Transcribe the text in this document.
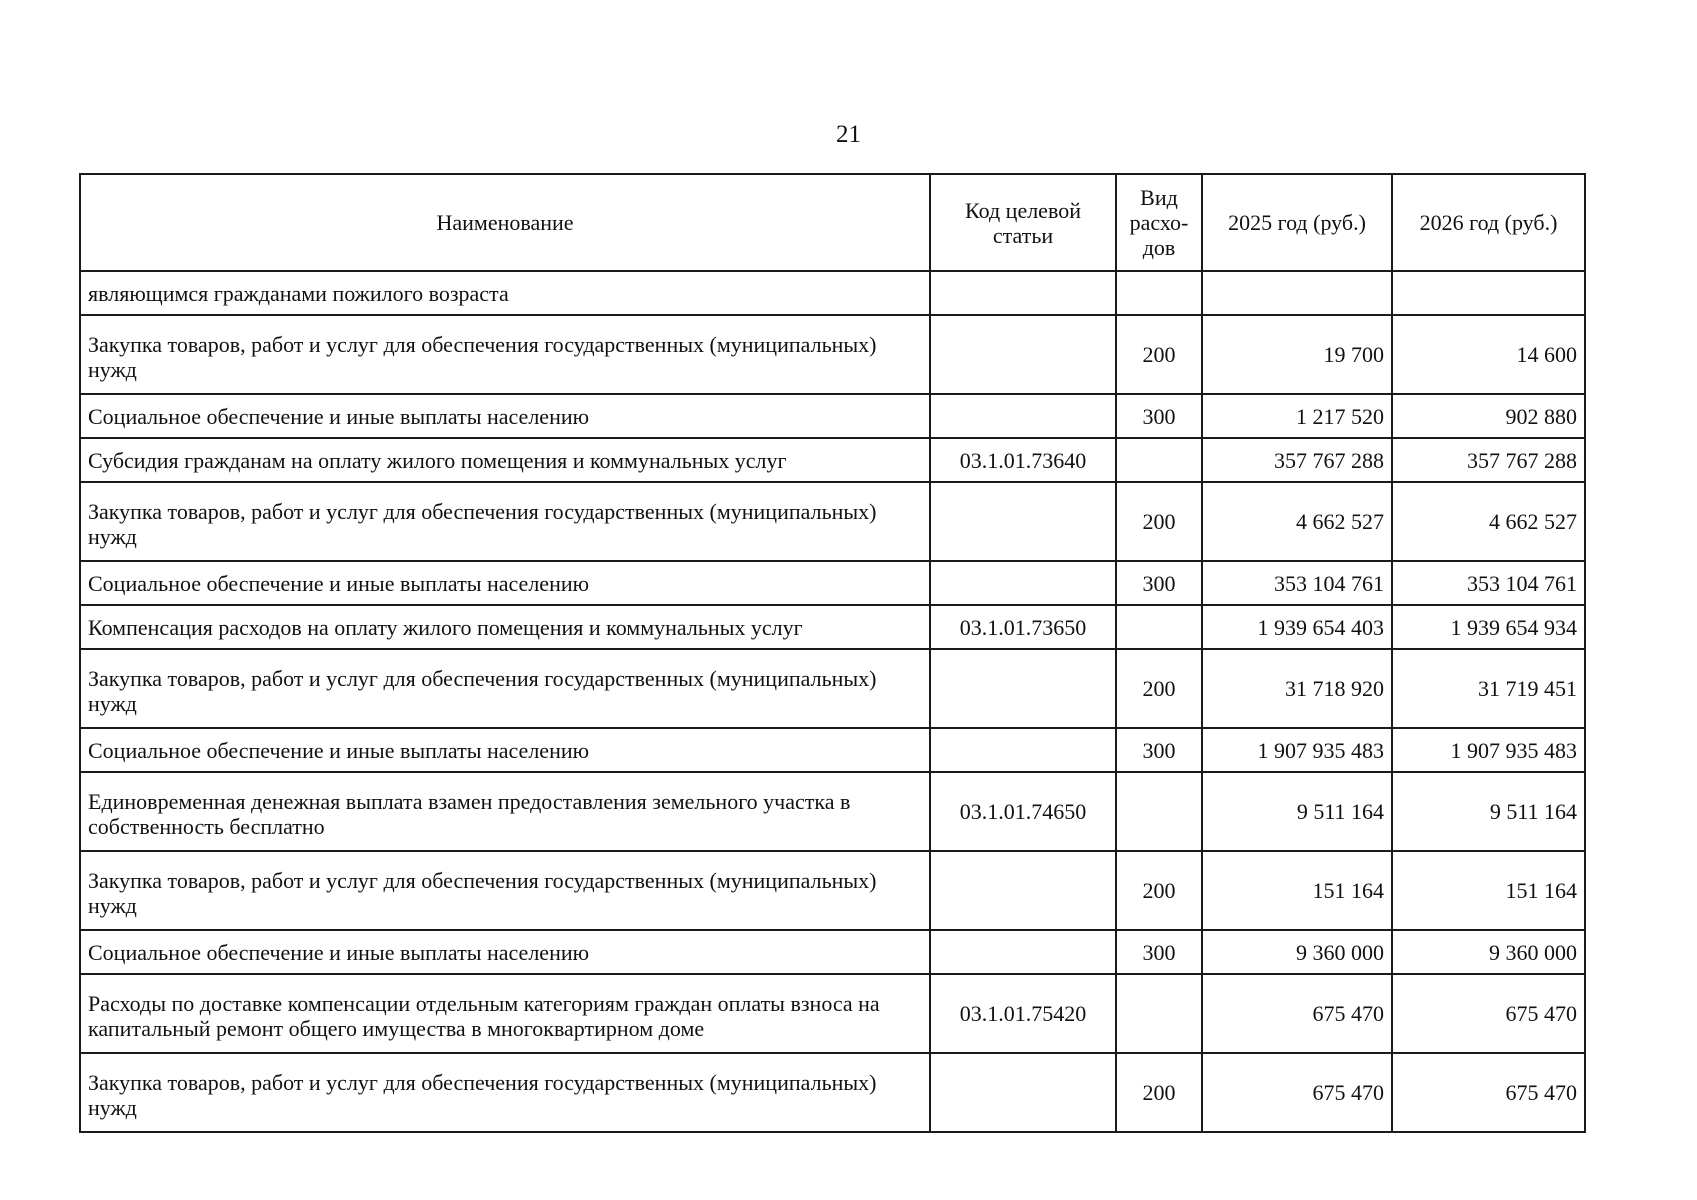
21
Наименование	Код целевой статьи	Вид расхо-дов	2025 год (руб.)	2026 год (руб.)
являющимся гражданами пожилого возраста				
Закупка товаров, работ и услуг для обеспечения государственных (муниципальных) нужд		200	19 700	14 600
Социальное обеспечение и иные выплаты населению		300	1 217 520	902 880
Субсидия гражданам на оплату жилого помещения и коммунальных услуг	03.1.01.73640		357 767 288	357 767 288
Закупка товаров, работ и услуг для обеспечения государственных (муниципальных) нужд		200	4 662 527	4 662 527
Социальное обеспечение и иные выплаты населению		300	353 104 761	353 104 761
Компенсация расходов на оплату жилого помещения и коммунальных услуг	03.1.01.73650		1 939 654 403	1 939 654 934
Закупка товаров, работ и услуг для обеспечения государственных (муниципальных) нужд		200	31 718 920	31 719 451
Социальное обеспечение и иные выплаты населению		300	1 907 935 483	1 907 935 483
Единовременная денежная выплата взамен предоставления земельного участка в собственность бесплатно	03.1.01.74650		9 511 164	9 511 164
Закупка товаров, работ и услуг для обеспечения государственных (муниципальных) нужд		200	151 164	151 164
Социальное обеспечение и иные выплаты населению		300	9 360 000	9 360 000
Расходы по доставке компенсации отдельным категориям граждан оплаты взноса на капитальный ремонт общего имущества в многоквартирном доме	03.1.01.75420		675 470	675 470
Закупка товаров, работ и услуг для обеспечения государственных (муниципальных) нужд		200	675 470	675 470
